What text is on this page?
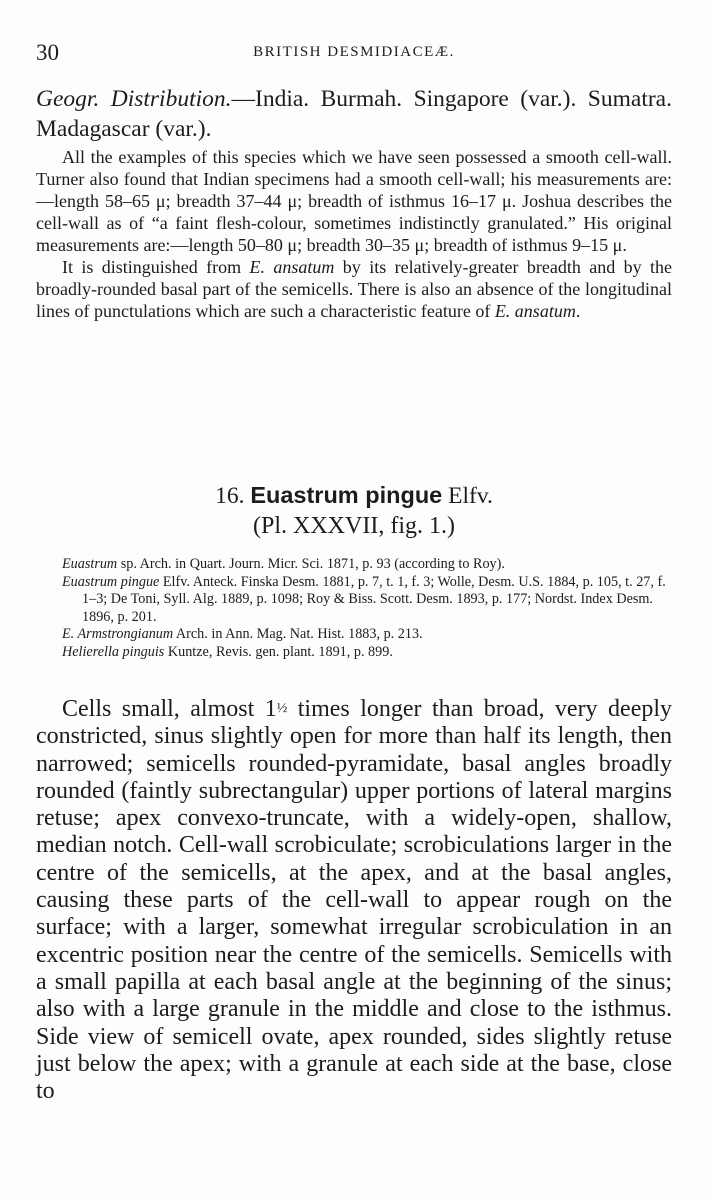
30	BRITISH DESMIDIACEÆ.
Geogr. Distribution.—India. Burmah. Singapore (var.). Sumatra. Madagascar (var.).

All the examples of this species which we have seen possessed a smooth cell-wall. Turner also found that Indian specimens had a smooth cell-wall; his measurements are:—length 58–65 μ; breadth 37–44 μ; breadth of isthmus 16–17 μ. Joshua describes the cell-wall as of “a faint flesh-colour, sometimes indistinctly granulated.” His original measurements are:—length 50–80 μ; breadth 30–35 μ; breadth of isthmus 9–15 μ.

It is distinguished from E. ansatum by its relatively-greater breadth and by the broadly-rounded basal part of the semicells. There is also an absence of the longitudinal lines of punctulations which are such a characteristic feature of E. ansatum.

16. Euastrum pingue Elfv.
(Pl. XXXVII, fig. 1.)
Euastrum sp. Arch. in Quart. Journ. Micr. Sci. 1871, p. 93 (according to Roy).
Euastrum pingue Elfv. Anteck. Finska Desm. 1881, p. 7, t. 1, f. 3; Wolle, Desm. U.S. 1884, p. 105, t. 27, f. 1–3; De Toni, Syll. Alg. 1889, p. 1098; Roy & Biss. Scott. Desm. 1893, p. 177; Nordst. Index Desm. 1896, p. 201.
E. Armstrongianum Arch. in Ann. Mag. Nat. Hist. 1883, p. 213.
Helierella pinguis Kuntze, Revis. gen. plant. 1891, p. 899.

Cells small, almost 1½ times longer than broad, very deeply constricted, sinus slightly open for more than half its length, then narrowed; semicells rounded-pyramidate, basal angles broadly rounded (faintly subrectangular) upper portions of lateral margins retuse; apex convexo-truncate, with a widely-open, shallow, median notch. Cell-wall scrobiculate; scrobiculations larger in the centre of the semicells, at the apex, and at the basal angles, causing these parts of the cell-wall to appear rough on the surface; with a larger, somewhat irregular scrobiculation in an excentric position near the centre of the semicells. Semicells with a small papilla at each basal angle at the beginning of the sinus; also with a large granule in the middle and close to the isthmus. Side view of semicell ovate, apex rounded, sides slightly retuse just below the apex; with a granule at each side at the base, close to
